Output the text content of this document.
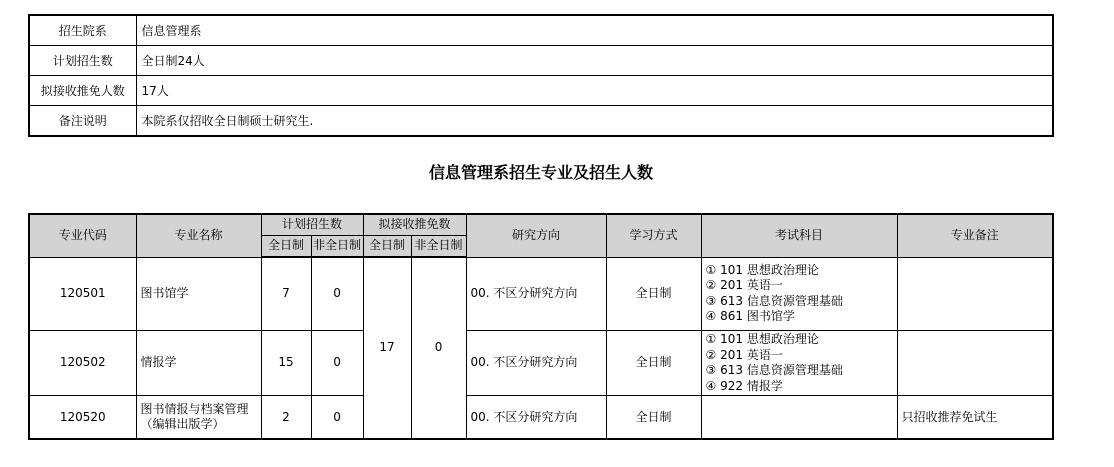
招生院系	信息管理系
计划招生数	全日制24人
拟接收推免人数	17人
备注说明	本院系仅招收全日制硕士研究生.
信息管理系招生专业及招生人数
专业代码	专业名称	计划招生数		拟接收推免数		研究方向	学习方式	考试科目	专业备注
		全日制	非全日制	全日制	非全日制				
120501	图书馆学	7	0	17	0	00. 不区分研究方向	全日制	① 101 思想政治理论
② 201 英语一
③ 613 信息资源管理基础
④ 861 图书馆学	

120502	情报学	15	0			00. 不区分研究方向	全日制	① 101 思想政治理论
② 201 英语一
③ 613 信息资源管理基础
④ 922 情报学	

120520	图书情报与档案管理（编辑出版学）	2	0			00. 不区分研究方向	全日制		只招收推荐免试生
